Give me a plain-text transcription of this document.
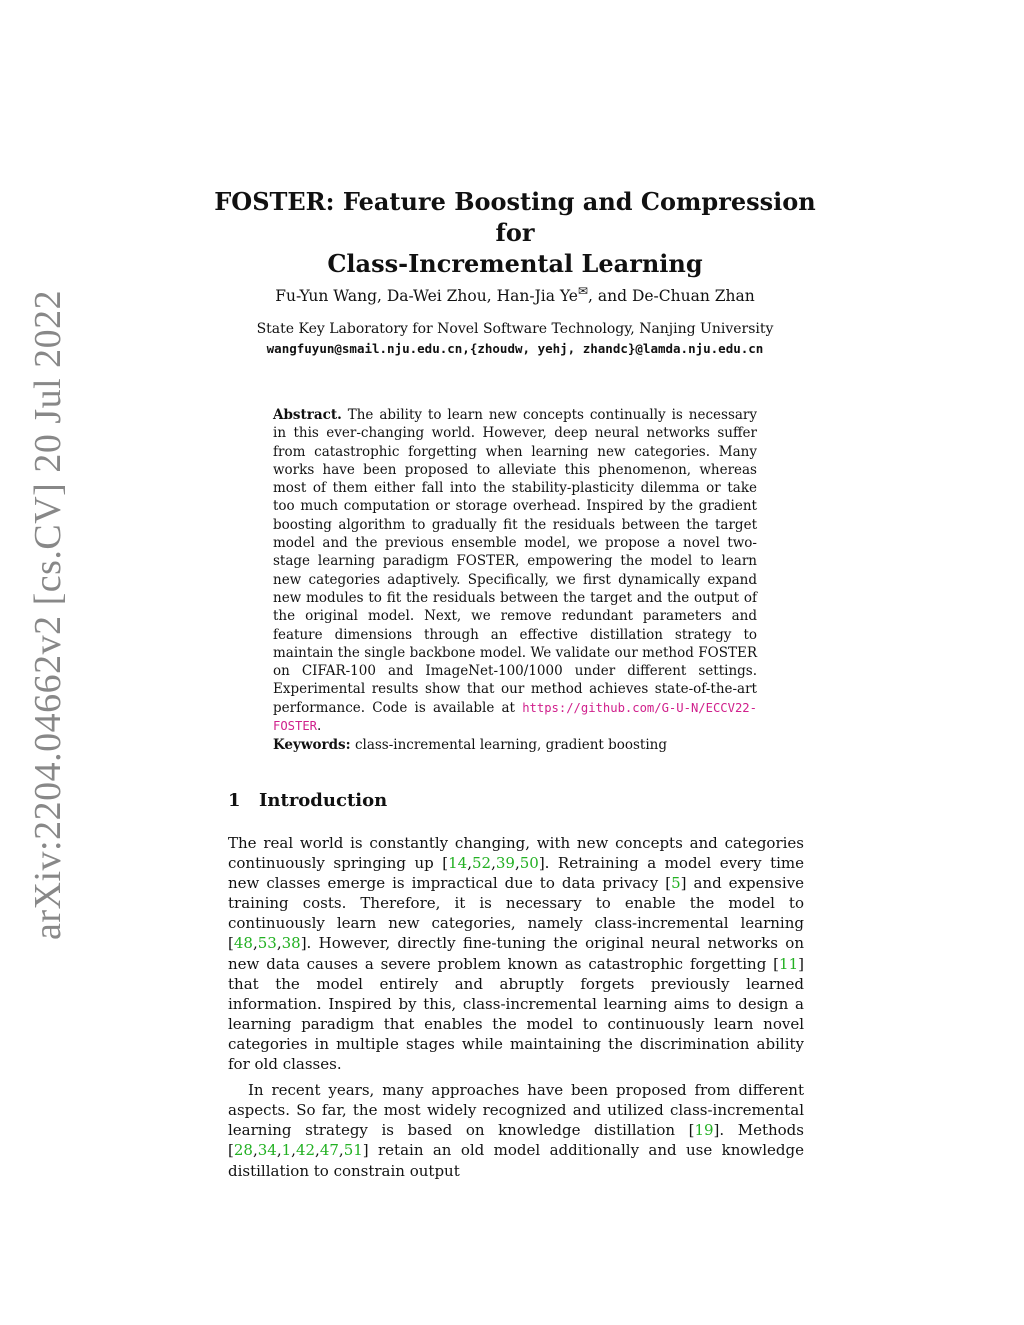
arXiv:2204.04662v2 [cs.CV] 20 Jul 2022
FOSTER: Feature Boosting and Compression for
Class-Incremental Learning
Fu-Yun Wang, Da-Wei Zhou, Han-Jia Ye✉, and De-Chuan Zhan
State Key Laboratory for Novel Software Technology, Nanjing University
wangfuyun@smail.nju.edu.cn,{zhoudw, yehj, zhandc}@lamda.nju.edu.cn
Abstract. The ability to learn new concepts continually is necessary in this ever-changing world. However, deep neural networks suffer from catastrophic forgetting when learning new categories. Many works have been proposed to alleviate this phenomenon, whereas most of them either fall into the stability-plasticity dilemma or take too much computation or storage overhead. Inspired by the gradient boosting algorithm to gradually fit the residuals between the target model and the previous ensemble model, we propose a novel two-stage learning paradigm FOSTER, empowering the model to learn new categories adaptively. Specifically, we first dynamically expand new modules to fit the residuals between the target and the output of the original model. Next, we remove redundant parameters and feature dimensions through an effective distillation strategy to maintain the single backbone model. We validate our method FOSTER on CIFAR-100 and ImageNet-100/1000 under different settings. Experimental results show that our method achieves state-of-the-art performance. Code is available at https://github.com/G-U-N/ECCV22-FOSTER.
Keywords: class-incremental learning, gradient boosting
1 Introduction

The real world is constantly changing, with new concepts and categories continuously springing up [14,52,39,50]. Retraining a model every time new classes emerge is impractical due to data privacy [5] and expensive training costs. Therefore, it is necessary to enable the model to continuously learn new categories, namely class-incremental learning [48,53,38]. However, directly fine-tuning the original neural networks on new data causes a severe problem known as catastrophic forgetting [11] that the model entirely and abruptly forgets previously learned information. Inspired by this, class-incremental learning aims to design a learning paradigm that enables the model to continuously learn novel categories in multiple stages while maintaining the discrimination ability for old classes.

In recent years, many approaches have been proposed from different aspects. So far, the most widely recognized and utilized class-incremental learning strategy is based on knowledge distillation [19]. Methods [28,34,1,42,47,51] retain an old model additionally and use knowledge distillation to constrain output
